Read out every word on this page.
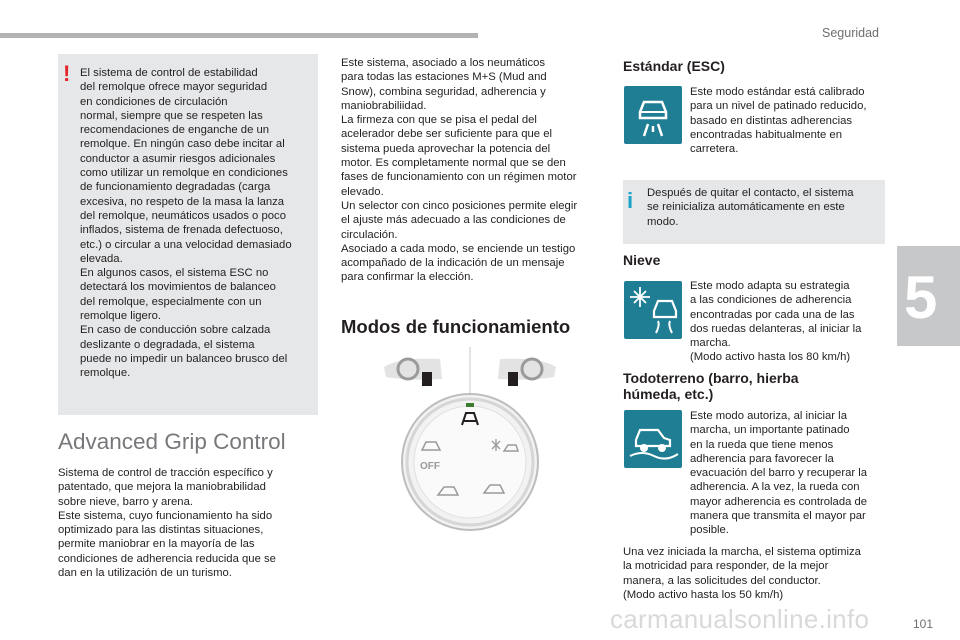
Seguridad
5
! El sistema de control de estabilidad
del remolque ofrece mayor seguridad
en condiciones de circulación
normal, siempre que se respeten las
recomendaciones de enganche de un
remolque. En ningún caso debe incitar al
conductor a asumir riesgos adicionales
como utilizar un remolque en condiciones
de funcionamiento degradadas (carga
excesiva, no respeto de la masa la lanza
del remolque, neumáticos usados o poco
inflados, sistema de frenada defectuoso,
etc.) o circular a una velocidad demasiado
elevada.
En algunos casos, el sistema ESC no
detectará los movimientos de balanceo
del remolque, especialmente con un
remolque ligero.
En caso de conducción sobre calzada
deslizante o degradada, el sistema
puede no impedir un balanceo brusco del
remolque.

Advanced Grip Control

Sistema de control de tracción específico y
patentado, que mejora la maniobrabilidad
sobre nieve, barro y arena.
Este sistema, cuyo funcionamiento ha sido
optimizado para las distintas situaciones,
permite maniobrar en la mayoría de las
condiciones de adherencia reducida que se
dan en la utilización de un turismo.

Este sistema, asociado a los neumáticos
para todas las estaciones M+S (Mud and
Snow), combina seguridad, adherencia y
maniobrabiliidad.
La firmeza con que se pisa el pedal del
acelerador debe ser suficiente para que el
sistema pueda aprovechar la potencia del
motor. Es completamente normal que se den
fases de funcionamiento con un régimen motor
elevado.
Un selector con cinco posiciones permite elegir
el ajuste más adecuado a las condiciones de
circulación.
Asociado a cada modo, se enciende un testigo
acompañado de la indicación de un mensaje
para confirmar la elección.

Modos de funcionamiento
OFF
Estándar (ESC)

Este modo estándar está calibrado
para un nivel de patinado reducido,
basado en distintas adherencias
encontradas habitualmente en
carretera.

i Después de quitar el contacto, el sistema
se reinicializa automáticamente en este
modo.

Nieve

Este modo adapta su estrategia
a las condiciones de adherencia
encontradas por cada una de las
dos ruedas delanteras, al iniciar la
marcha.
(Modo activo hasta los 80 km/h)

Todoterreno (barro, hierba
húmeda, etc.)

Este modo autoriza, al iniciar la
marcha, un importante patinado
en la rueda que tiene menos
adherencia para favorecer la
evacuación del barro y recuperar la
adherencia. A la vez, la rueda con
mayor adherencia es controlada de
manera que transmita el mayor par
posible.

Una vez iniciada la marcha, el sistema optimiza
la motricidad para responder, de la mejor
manera, a las solicitudes del conductor.
(Modo activo hasta los 50 km/h)

carmanualsonline.info	101
